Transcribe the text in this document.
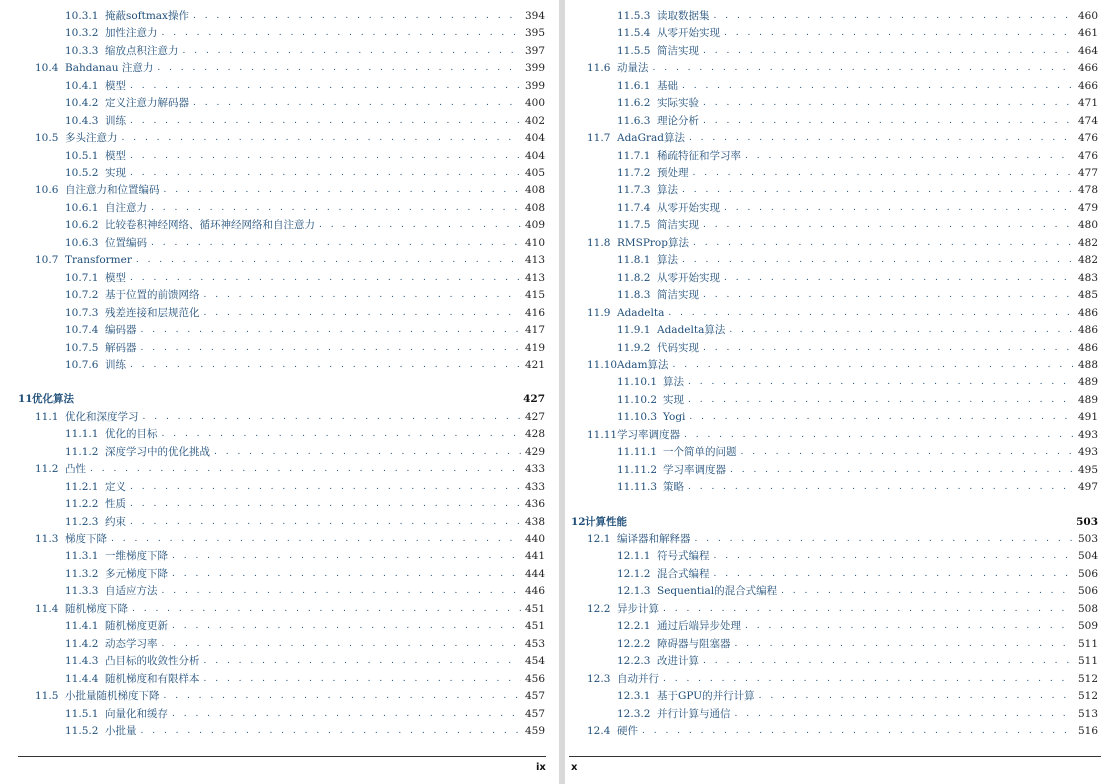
10.3.1 掩蔽softmax操作 . . .	394
10.3.2 加性注意力 . . .	395
10.3.3 缩放点积注意力 . . .	397
10.4 Bahdanau 注意力 . . .	399
10.4.1 模型 . . .	399
10.4.2 定义注意力解码器 . . .	400
10.4.3 训练 . . .	402
10.5 多头注意力 . . .	404
10.5.1 模型 . . .	404
10.5.2 实现 . . .	405
10.6 自注意力和位置编码 . . .	408
10.6.1 自注意力 . . .	408
10.6.2 比较卷积神经网络、循环神经网络和自注意力 . . .	409
10.6.3 位置编码 . . .	410
10.7 Transformer . . .	413
10.7.1 模型 . . .	413
10.7.2 基于位置的前馈网络 . . .	415
10.7.3 残差连接和层规范化 . . .	416
10.7.4 编码器 . . .	417
10.7.5 解码器 . . .	419
10.7.6 训练 . . .	421
11 优化算法	427
11.1 优化和深度学习 . . .	427
11.1.1 优化的目标 . . .	428
11.1.2 深度学习中的优化挑战 . . .	429
11.2 凸性 . . .	433
11.2.1 定义 . . .	433
11.2.2 性质 . . .	436
11.2.3 约束 . . .	438
11.3 梯度下降 . . .	440
11.3.1 一维梯度下降 . . .	441
11.3.2 多元梯度下降 . . .	444
11.3.3 自适应方法 . . .	446
11.4 随机梯度下降 . . .	451
11.4.1 随机梯度更新 . . .	451
11.4.2 动态学习率 . . .	453
11.4.3 凸目标的收敛性分析 . . .	454
11.4.4 随机梯度和有限样本 . . .	456
11.5 小批量随机梯度下降 . . .	457
11.5.1 向量化和缓存 . . .	457
11.5.2 小批量 . . .	459
ix
11.5.3 读取数据集 . . .	460
11.5.4 从零开始实现 . . .	461
11.5.5 简洁实现 . . .	464
11.6 动量法 . . .	466
11.6.1 基础 . . .	466
11.6.2 实际实验 . . .	471
11.6.3 理论分析 . . .	474
11.7 AdaGrad算法 . . .	476
11.7.1 稀疏特征和学习率 . . .	476
11.7.2 预处理 . . .	477
11.7.3 算法 . . .	478
11.7.4 从零开始实现 . . .	479
11.7.5 简洁实现 . . .	480
11.8 RMSProp算法 . . .	482
11.8.1 算法 . . .	482
11.8.2 从零开始实现 . . .	483
11.8.3 简洁实现 . . .	485
11.9 Adadelta . . .	486
11.9.1 Adadelta算法 . . .	486
11.9.2 代码实现 . . .	486
11.10 Adam算法 . . .	488
11.10.1 算法 . . .	489
11.10.2 实现 . . .	489
11.10.3 Yogi . . .	491
11.11 学习率调度器 . . .	493
11.11.1 一个简单的问题 . . .	493
11.11.2 学习率调度器 . . .	495
11.11.3 策略 . . .	497
12 计算性能	503
12.1 编译器和解释器 . . .	503
12.1.1 符号式编程 . . .	504
12.1.2 混合式编程 . . .	506
12.1.3 Sequential的混合式编程 . . .	506
12.2 异步计算 . . .	508
12.2.1 通过后端异步处理 . . .	509
12.2.2 障碍器与阻塞器 . . .	511
12.2.3 改进计算 . . .	511
12.3 自动并行 . . .	512
12.3.1 基于GPU的并行计算 . . .	512
12.3.2 并行计算与通信 . . .	513
12.4 硬件 . . .	516
x
